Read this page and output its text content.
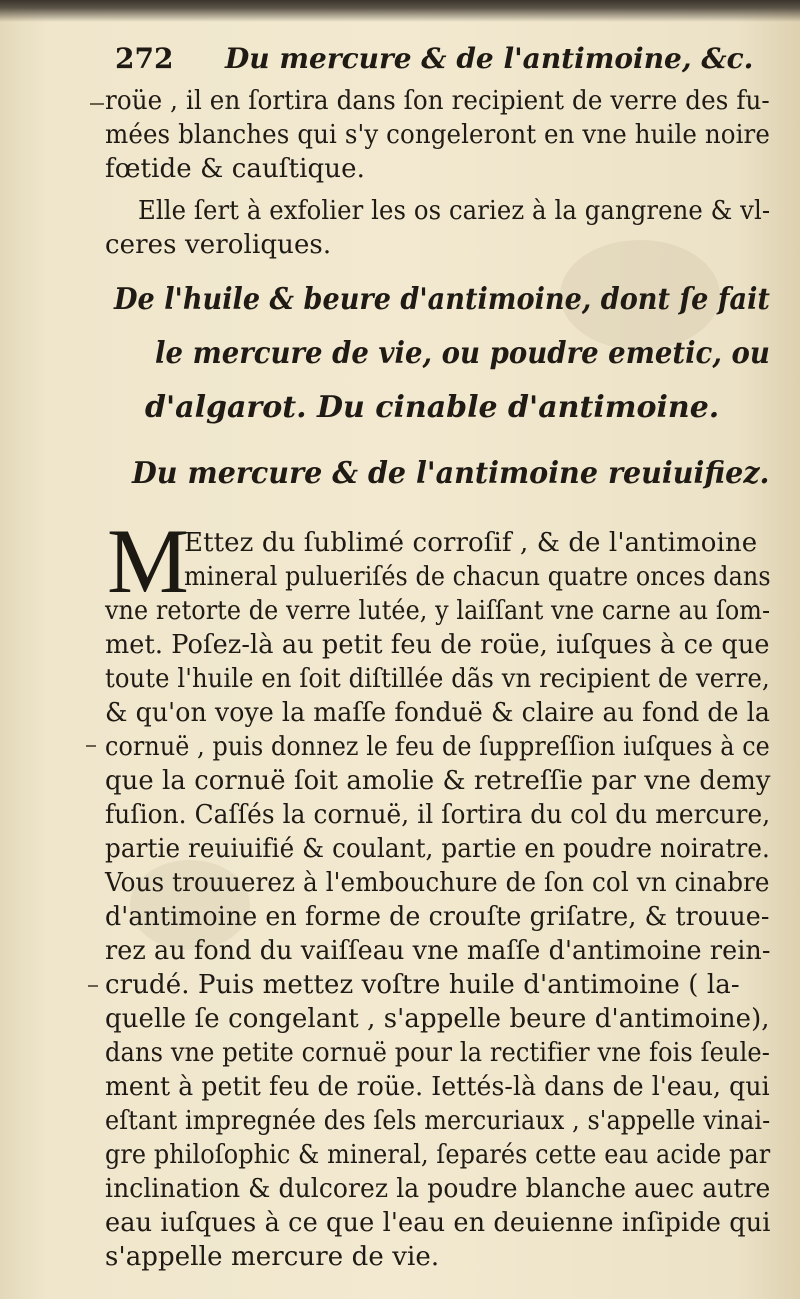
272 Du mercure & de l'antimoine, &c.
roüe , il en ſortira dans ſon recipient de verre des fu-
mées blanches qui s'y congeleront en vne huile noire
fœtide & cauſtique.
Elle ſert à exfolier les os cariez à la gangrene & vl-
ceres veroliques.
De l'huile & beure d'antimoine, dont ſe fait
le mercure de vie, ou poudre emetic, ou
d'algarot. Du cinable d'antimoine.
Du mercure & de l'antimoine reuiuifiez.
M
Ettez du ſublimé corroſif , & de l'antimoine
mineral pulueriſés de chacun quatre onces dans
vne retorte de verre lutée, y laiſſant vne carne au ſom-
met. Poſez-là au petit feu de roüe, iuſques à ce que
toute l'huile en ſoit diſtillée dãs vn recipient de verre,
& qu'on voye la maſſe fonduë & claire au fond de la
cornuë , puis donnez le feu de ſuppreſſion iuſques à ce
que la cornuë ſoit amolie & retreſſie par vne demy
fuſion. Caſſés la cornuë, il ſortira du col du mercure,
partie reuiuifié & coulant, partie en poudre noiratre.
Vous trouuerez à l'embouchure de ſon col vn cinabre
d'antimoine en forme de crouſte griſatre, & trouue-
rez au fond du vaiſſeau vne maſſe d'antimoine rein-
crudé. Puis mettez voſtre huile d'antimoine ( la-
quelle ſe congelant , s'appelle beure d'antimoine),
dans vne petite cornuë pour la rectifier vne fois ſeule-
ment à petit feu de roüe. Iettés-là dans de l'eau, qui
eſtant impregnée des ſels mercuriaux , s'appelle vinai-
gre philoſophic & mineral, ſeparés cette eau acide par
inclination & dulcorez la poudre blanche auec autre
eau iuſques à ce que l'eau en deuienne inſipide qui
s'appelle mercure de vie.
